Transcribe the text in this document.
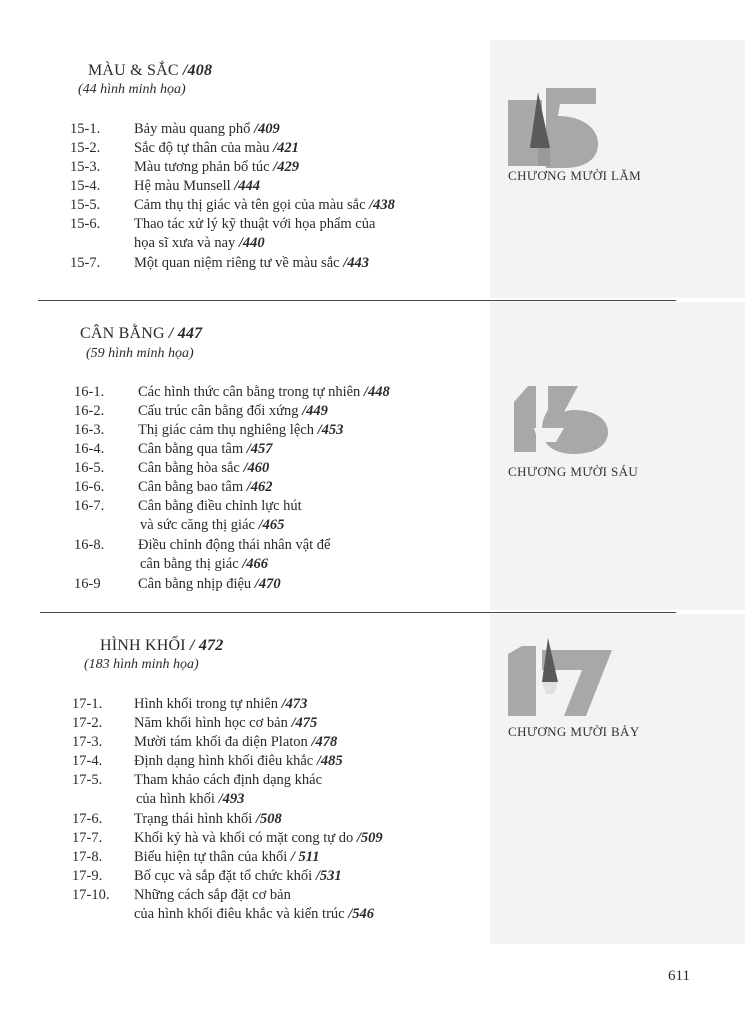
MÀU & SẮC /408
(44 hình minh họa)
15-1. Bảy màu quang phổ /409
15-2. Sắc độ tự thân của màu /421
15-3. Màu tương phản bổ túc /429
15-4. Hệ màu Munsell /444
15-5. Cảm thụ thị giác và tên gọi của màu sắc /438
15-6. Thao tác xử lý kỹ thuật với họa phẩm của
họa sĩ xưa và nay /440
15-7. Một quan niệm riêng tư về màu sắc /443
CHƯƠNG MƯỜI LĂM
CÂN BẰNG / 447
(59 hình minh họa)
16-1. Các hình thức cân bằng trong tự nhiên /448
16-2. Cấu trúc cân bằng đối xứng /449
16-3. Thị giác cảm thụ nghiêng lệch /453
16-4. Cân bằng qua tâm /457
16-5. Cân bằng hòa sắc /460
16-6. Cân bằng bao tâm /462
16-7. Cân bằng điều chỉnh lực hút
và sức căng thị giác /465
16-8. Điều chỉnh động thái nhân vật để
cân bằng thị giác /466
16-9	Cân bằng nhịp điệu /470
CHƯƠNG MƯỜI SÁU
HÌNH KHỐI / 472
(183 hình minh họa)
17-1. Hình khối trong tự nhiên /473
17-2. Năm khối hình học cơ bản /475
17-3. Mười tám khối đa diện Platon /478
17-4. Định dạng hình khối điêu khắc /485
17-5. Tham khảo cách định dạng khác
của hình khối /493
17-6. Trạng thái hình khối /508
17-7. Khối kỷ hà và khối có mặt cong tự do /509
17-8. Biểu hiện tự thân của khối / 511
17-9. Bố cục và sắp đặt tổ chức khối /531
17-10. Những cách sắp đặt cơ bản
của hình khối điêu khắc và kiến trúc /546
CHƯƠNG MƯỜI BẢY
611
